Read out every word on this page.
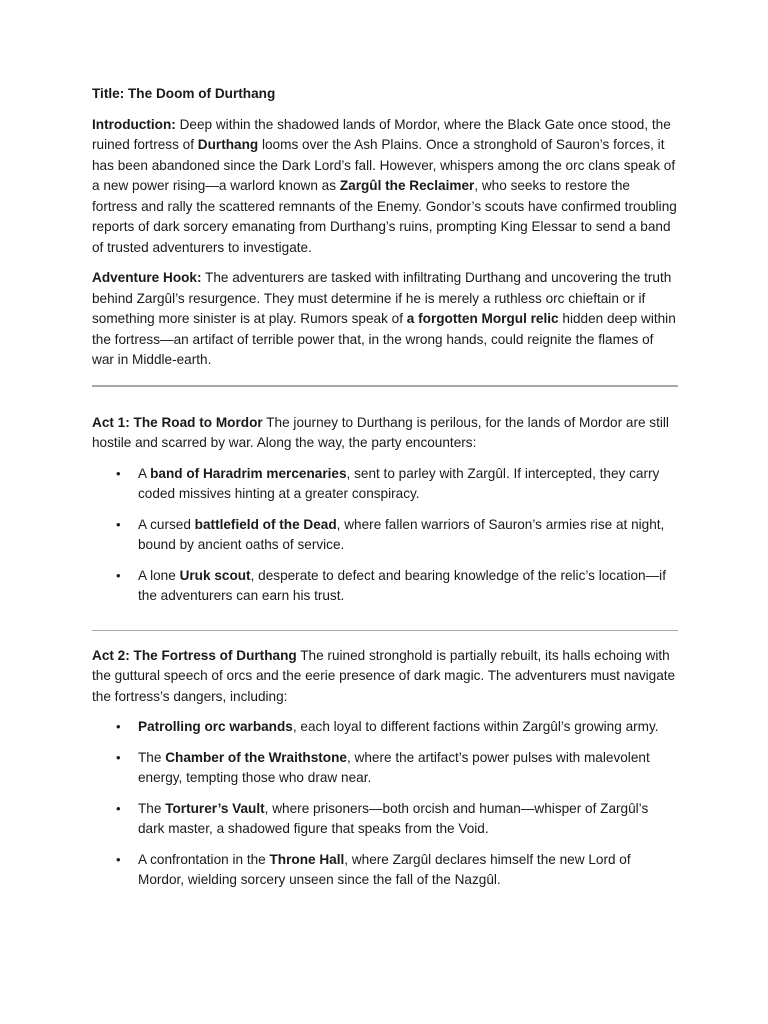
Title: The Doom of Durthang

Introduction: Deep within the shadowed lands of Mordor, where the Black Gate once stood, the ruined fortress of Durthang looms over the Ash Plains. Once a stronghold of Sauron’s forces, it has been abandoned since the Dark Lord’s fall. However, whispers among the orc clans speak of a new power rising—a warlord known as Zargûl the Reclaimer, who seeks to restore the fortress and rally the scattered remnants of the Enemy. Gondor’s scouts have confirmed troubling reports of dark sorcery emanating from Durthang’s ruins, prompting King Elessar to send a band of trusted adventurers to investigate.

Adventure Hook: The adventurers are tasked with infiltrating Durthang and uncovering the truth behind Zargûl’s resurgence. They must determine if he is merely a ruthless orc chieftain or if something more sinister is at play. Rumors speak of a forgotten Morgul relic hidden deep within the fortress—an artifact of terrible power that, in the wrong hands, could reignite the flames of war in Middle-earth.

Act 1: The Road to Mordor The journey to Durthang is perilous, for the lands of Mordor are still hostile and scarred by war. Along the way, the party encounters:

• A band of Haradrim mercenaries, sent to parley with Zargûl. If intercepted, they carry coded missives hinting at a greater conspiracy.
• A cursed battlefield of the Dead, where fallen warriors of Sauron’s armies rise at night, bound by ancient oaths of service.
• A lone Uruk scout, desperate to defect and bearing knowledge of the relic’s location—if the adventurers can earn his trust.

Act 2: The Fortress of Durthang The ruined stronghold is partially rebuilt, its halls echoing with the guttural speech of orcs and the eerie presence of dark magic. The adventurers must navigate the fortress’s dangers, including:

• Patrolling orc warbands, each loyal to different factions within Zargûl’s growing army.
• The Chamber of the Wraithstone, where the artifact’s power pulses with malevolent energy, tempting those who draw near.
• The Torturer’s Vault, where prisoners—both orcish and human—whisper of Zargûl’s dark master, a shadowed figure that speaks from the Void.
• A confrontation in the Throne Hall, where Zargûl declares himself the new Lord of Mordor, wielding sorcery unseen since the fall of the Nazgûl.
